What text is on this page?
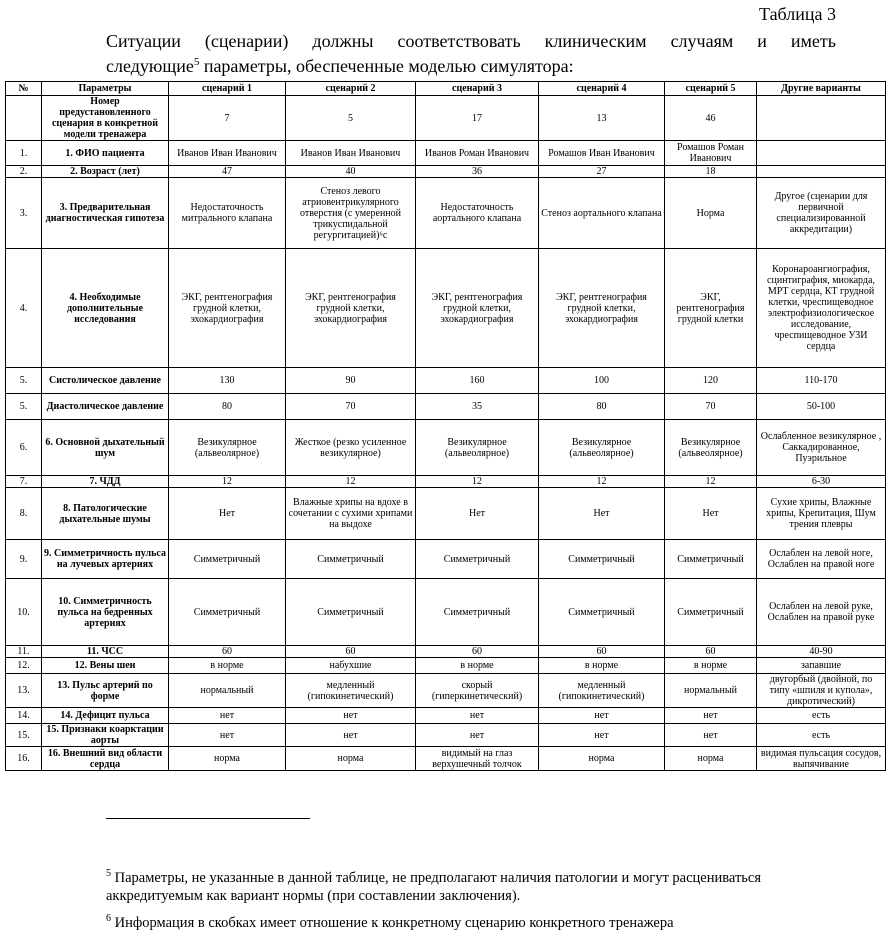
Таблица 3

Ситуации (сценарии) должны соответствовать клиническим случаям и иметь

следующие$^5$ параметры, обеспеченные моделью симулятора:

№	Параметры	сценарий 1	сценарий 2	сценарий 3	сценарий 4	сценарий 5	Другие варианты
	Номер предустановленного сценария в конкретной модели тренажера	7	5	17	13	46	
1.	1. ФИО пациента	Иванов Иван Иванович	Иванов Иван Иванович	Иванов Роман Иванович	Ромашов Иван Иванович	Ромашов Роман Иванович	
2.	2. Возраст (лет)	47	40	36	27	18	
3.	3. Предварительная диагностическая гипотеза	Недостаточность митрального клапана	Стеноз левого атриовентрикулярного отверстия (с умеренной трикуспидальной регургитацией)⁶с	Недостаточность аортального клапана	Стеноз аортального клапана	Норма	Другое (сценарии для первичной специализированной аккредитации)
4.	4. Необходимые дополнительные исследования	ЭКГ, рентгенография грудной клетки, эхокардиография	ЭКГ, рентгенография грудной клетки, эхокардиография	ЭКГ, рентгенография грудной клетки, эхокардиография	ЭКГ, рентгенография грудной клетки, эхокардиография	ЭКГ, рентгенография грудной клетки	Коронароангиография, сцинтиграфия, миокарда, МРТ сердца, КТ грудной клетки, чреспищеводное электрофизиологическое исследование, чреспищеводное УЗИ сердца
5.	Систолическое давление	130	90	160	100	120	110-170
5.	Диастолическое давление	80	70	35	80	70	50-100
6.	6. Основной дыхательный шум	Везикулярное (альвеолярное)	Жесткое (резко усиленное везикулярное)	Везикулярное (альвеолярное)	Везикулярное (альвеолярное)	Везикулярное (альвеолярное)	Ослабленное везикулярное , Саккадированное, Пуэрильное
7.	7. ЧДД	12	12	12	12	12	6-30
8.	8. Патологические дыхательные шумы	Нет	Влажные хрипы на вдохе в сочетании с сухими хрипами на выдохе	Нет	Нет	Нет	Сухие хрипы, Влажные хрипы, Крепитация, Шум трения плевры
9.	9. Симметричность пульса на лучевых артериях	Симметричный	Симметричный	Симметричный	Симметричный	Симметричный	Ослаблен на левой ноге, Ослаблен на правой ноге
10.	10. Симметричность пульса на бедренных артериях	Симметричный	Симметричный	Симметричный	Симметричный	Симметричный	Ослаблен на левой руке, Ослаблен на правой руке
11.	11. ЧСС	60	60	60	60	60	40-90
12.	12. Вены шеи	в норме	набухшие	в норме	в норме	в норме	запавшие
13.	13. Пульс артерий по форме	нормальный	медленный (гипокинетический)	скорый (гиперкинетический)	медленный (гипокинетический)	нормальный	двугорбый (двойной, по типу «шпиля и купола», дикротический)
14.	14. Дефицит пульса	нет	нет	нет	нет	нет	есть
15.	15. Признаки коарктации аорты	нет	нет	нет	нет	нет	есть
16.	16. Внешний вид области сердца	норма	норма	видимый на глаз верхушечный толчок	норма	норма	видимая пульсация сосудов, выпячивание
$^5$ Параметры, не указанные в данной таблице, не предполагают наличия патологии и могут расцениваться аккредитуемым как вариант нормы (при составлении заключения).
$^6$ Информация в скобках имеет отношение к конкретному сценарию конкретного тренажера
